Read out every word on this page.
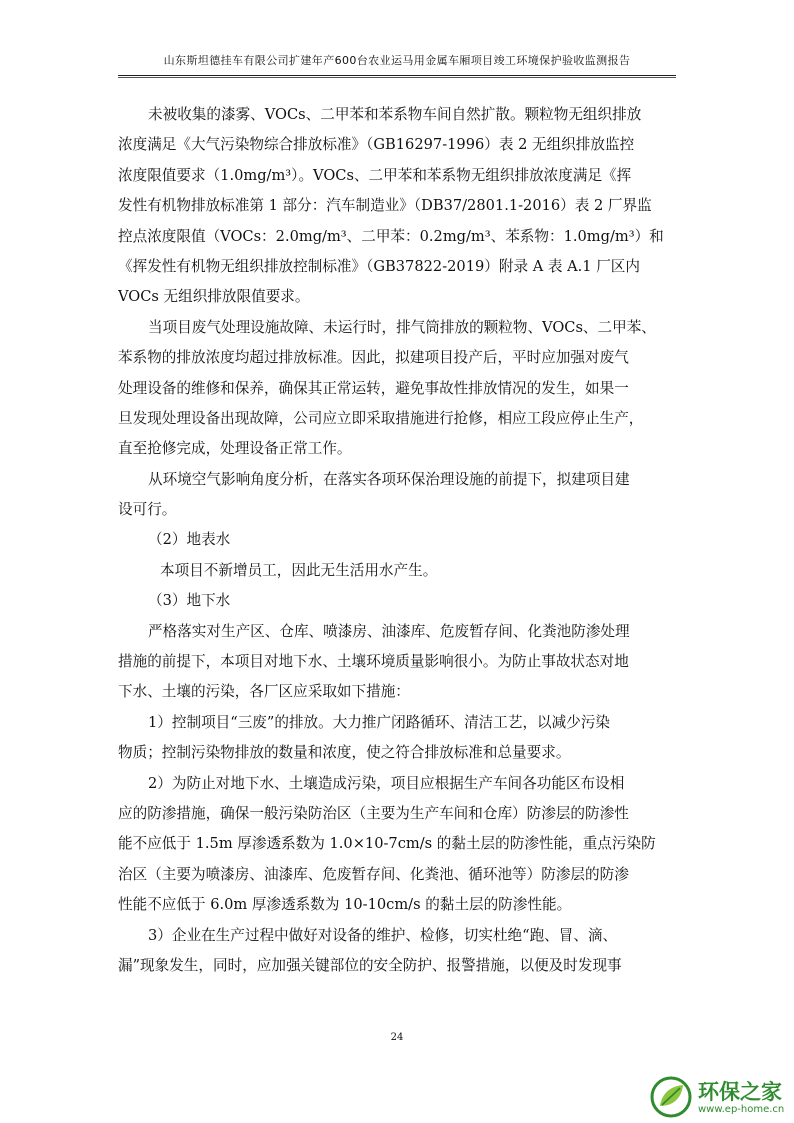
山东斯坦德挂车有限公司扩建年产600台农业运马用金属车厢项目竣工环境保护验收监测报告
未被收集的漆雾、VOCs、二甲苯和苯系物车间自然扩散。颗粒物无组织排放
浓度满足《大气污染物综合排放标准》（GB16297-1996）表 2 无组织排放监控
浓度限值要求（1.0mg/m³）。VOCs、二甲苯和苯系物无组织排放浓度满足《挥
发性有机物排放标准第 1 部分：汽车制造业》（DB37/2801.1-2016）表 2 厂界监
控点浓度限值（VOCs：2.0mg/m³、二甲苯：0.2mg/m³、苯系物：1.0mg/m³）和
《挥发性有机物无组织排放控制标准》（GB37822-2019）附录 A 表 A.1 厂区内
VOCs 无组织排放限值要求。
当项目废气处理设施故障、未运行时，排气筒排放的颗粒物、VOCs、二甲苯、
苯系物的排放浓度均超过排放标准。因此，拟建项目投产后，平时应加强对废气
处理设备的维修和保养，确保其正常运转，避免事故性排放情况的发生，如果一
旦发现处理设备出现故障，公司应立即采取措施进行抢修，相应工段应停止生产，
直至抢修完成，处理设备正常工作。
从环境空气影响角度分析，在落实各项环保治理设施的前提下，拟建项目建
设可行。
（2）地表水
本项目不新增员工，因此无生活用水产生。
（3）地下水
严格落实对生产区、仓库、喷漆房、油漆库、危废暂存间、化粪池防渗处理
措施的前提下，本项目对地下水、土壤环境质量影响很小。为防止事故状态对地
下水、土壤的污染，各厂区应采取如下措施：
1）控制项目“三废”的排放。大力推广闭路循环、清洁工艺，以减少污染
物质；控制污染物排放的数量和浓度，使之符合排放标准和总量要求。
2）为防止对地下水、土壤造成污染，项目应根据生产车间各功能区布设相
应的防渗措施，确保一般污染防治区（主要为生产车间和仓库）防渗层的防渗性
能不应低于 1.5m 厚渗透系数为 1.0×10-7cm/s 的黏土层的防渗性能，重点污染防
治区（主要为喷漆房、油漆库、危废暂存间、化粪池、循环池等）防渗层的防渗
性能不应低于 6.0m 厚渗透系数为 10-10cm/s 的黏土层的防渗性能。
3）企业在生产过程中做好对设备的维护、检修，切实杜绝“跑、冒、滴、
漏”现象发生，同时，应加强关键部位的安全防护、报警措施，以便及时发现事
24
环保之家
www.ep-home.cn
